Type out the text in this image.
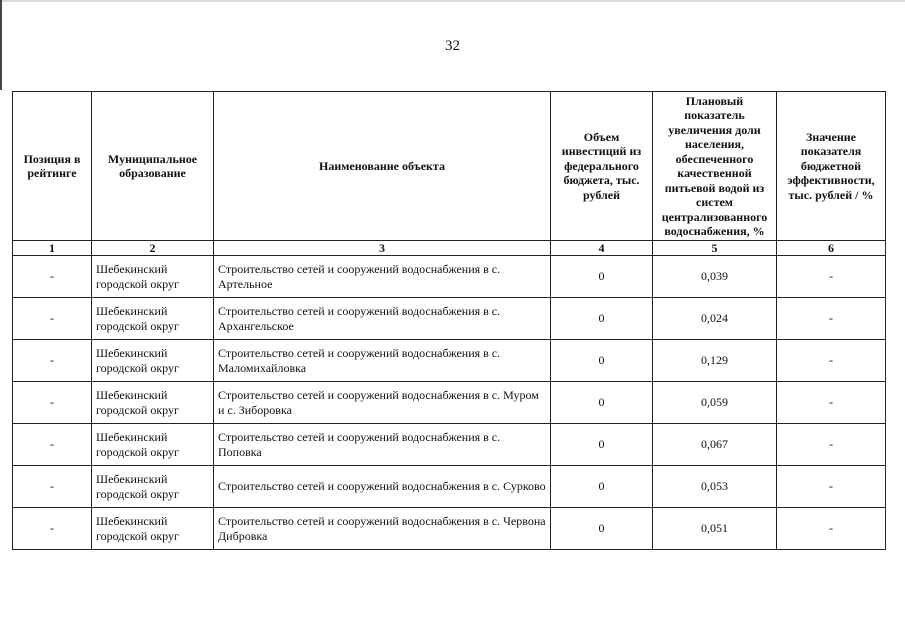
32
Позиция в рейтинге	Муниципальное образование	Наименование объекта	Объем инвестиций из федерального бюджета, тыс. рублей	Плановый показатель увеличения доли населения, обеспеченного качественной питьевой водой из систем централизованного водоснабжения, %	Значение показателя бюджетной эффективности, тыс. рублей / %
1	2	3	4	5	6
-	Шебекинский городской округ	Строительство сетей и сооружений водоснабжения в с. Артельное	0	0,039	-
-	Шебекинский городской округ	Строительство сетей и сооружений водоснабжения в с. Архангельское	0	0,024	-
-	Шебекинский городской округ	Строительство сетей и сооружений водоснабжения в с. Маломихайловка	0	0,129	-
-	Шебекинский городской округ	Строительство сетей и сооружений водоснабжения в с. Муром и с. Зиборовка	0	0,059	-
-	Шебекинский городской округ	Строительство сетей и сооружений водоснабжения в с. Поповка	0	0,067	-
-	Шебекинский городской округ	Строительство сетей и сооружений водоснабжения в с. Сурково	0	0,053	-
-	Шебекинский городской округ	Строительство сетей и сооружений водоснабжения в с. Червона Дибровка	0	0,051	-
